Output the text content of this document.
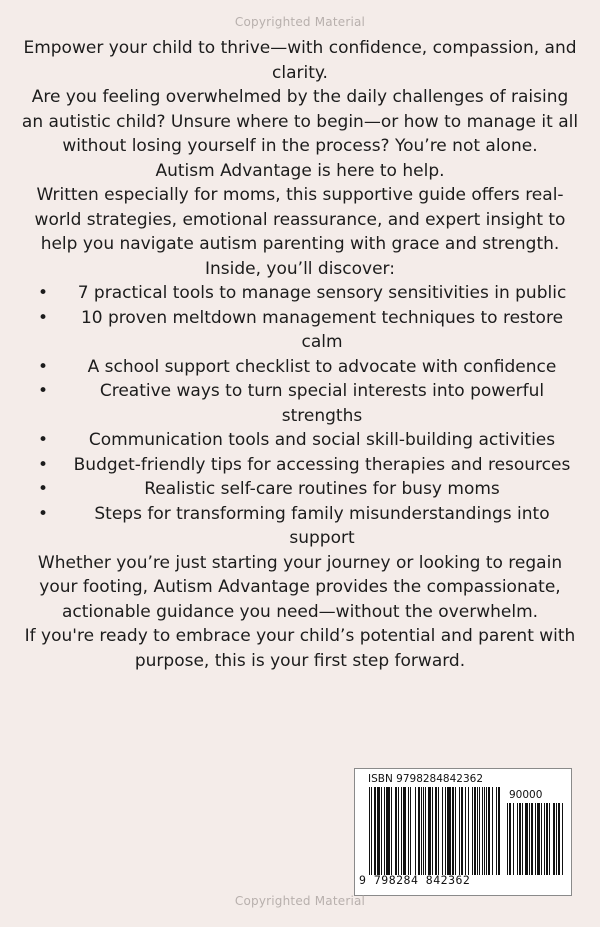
Copyrighted Material

Empower your child to thrive—with confidence, compassion, and clarity.

Are you feeling overwhelmed by the daily challenges of raising an autistic child? Unsure where to begin—or how to manage it all without losing yourself in the process? You’re not alone.

Autism Advantage is here to help.

Written especially for moms, this supportive guide offers real-world strategies, emotional reassurance, and expert insight to help you navigate autism parenting with grace and strength.

Inside, you’ll discover:

• 7 practical tools to manage sensory sensitivities in public
• 10 proven meltdown management techniques to restore calm
• A school support checklist to advocate with confidence
•	Creative ways to turn special interests into powerful strengths
• Communication tools and social skill-building activities
• Budget-friendly tips for accessing therapies and resources
•	Realistic self-care routines for busy moms
•	Steps for transforming family misunderstandings into support

Whether you’re just starting your journey or looking to regain your footing, Autism Advantage provides the compassionate, actionable guidance you need—without the overwhelm.

If you're ready to embrace your child’s potential and parent with purpose, this is your first step forward.

ISBN 9798284842362
90000
9 798284 842362
Copyrighted Material
